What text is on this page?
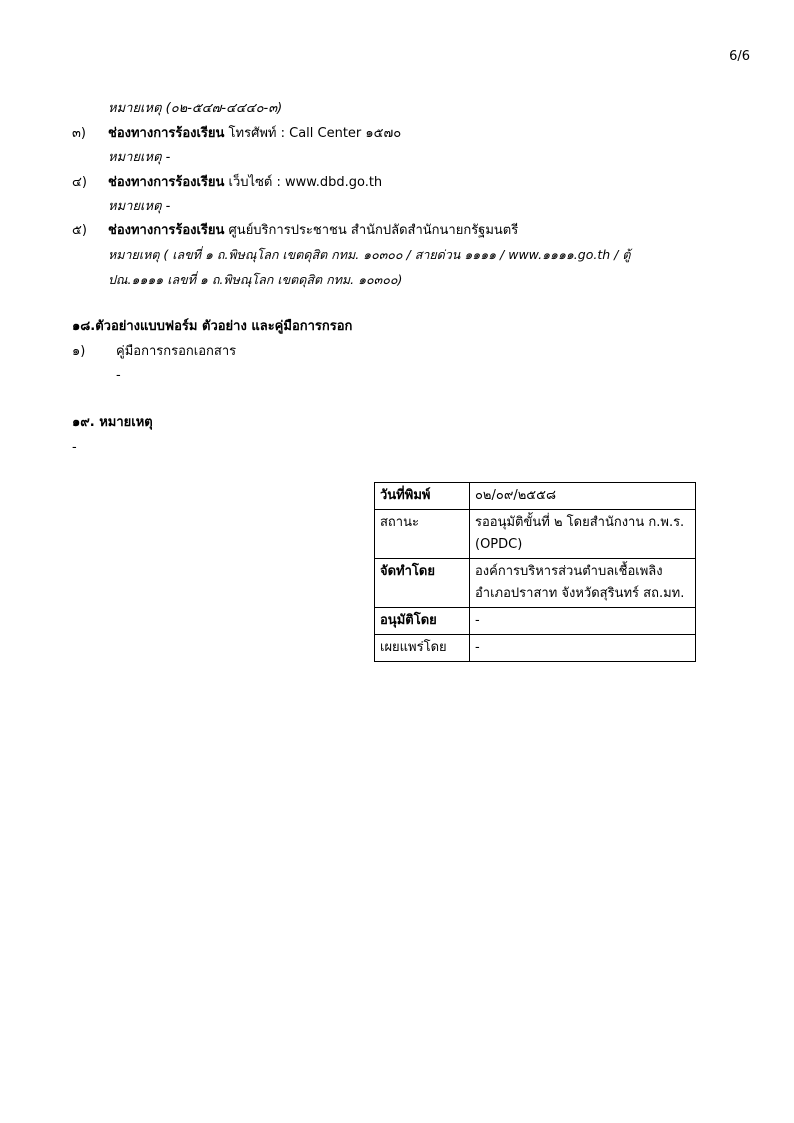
6/6
หมายเหตุ (๐๒-๕๔๗-๔๔๔๐-๓)
๓) ช่องทางการร้องเรียน โทรศัพท์ : Call Center ๑๕๗๐
หมายเหตุ -
๔) ช่องทางการร้องเรียน เว็บไซต์ : www.dbd.go.th
หมายเหตุ -
๕) ช่องทางการร้องเรียน ศูนย์บริการประชาชน สำนักปลัดสำนักนายกรัฐมนตรี
หมายเหตุ ( เลขที่ ๑ ถ.พิษณุโลก เขตดุสิต กทม. ๑๐๓๐๐ / สายด่วน ๑๑๑๑ / www.๑๑๑๑.go.th / ตู้
ปณ.๑๑๑๑ เลขที่ ๑ ถ.พิษณุโลก เขตดุสิต กทม. ๑๐๓๐๐)
๑๘.ตัวอย่างแบบฟอร์ม ตัวอย่าง และคู่มือการกรอก
๑) คู่มือการกรอกเอกสาร
-
๑๙. หมายเหตุ
-
วันที่พิมพ์	๐๒/๐๙/๒๕๕๘
สถานะ	รออนุมัติขั้นที่ ๒ โดยสำนักงาน ก.พ.ร. (OPDC)
จัดทำโดย	องค์การบริหารส่วนตำบลเชื้อเพลิง อำเภอปราสาท จังหวัดสุรินทร์ สถ.มท.
อนุมัติโดย	-
เผยแพร่โดย	-
